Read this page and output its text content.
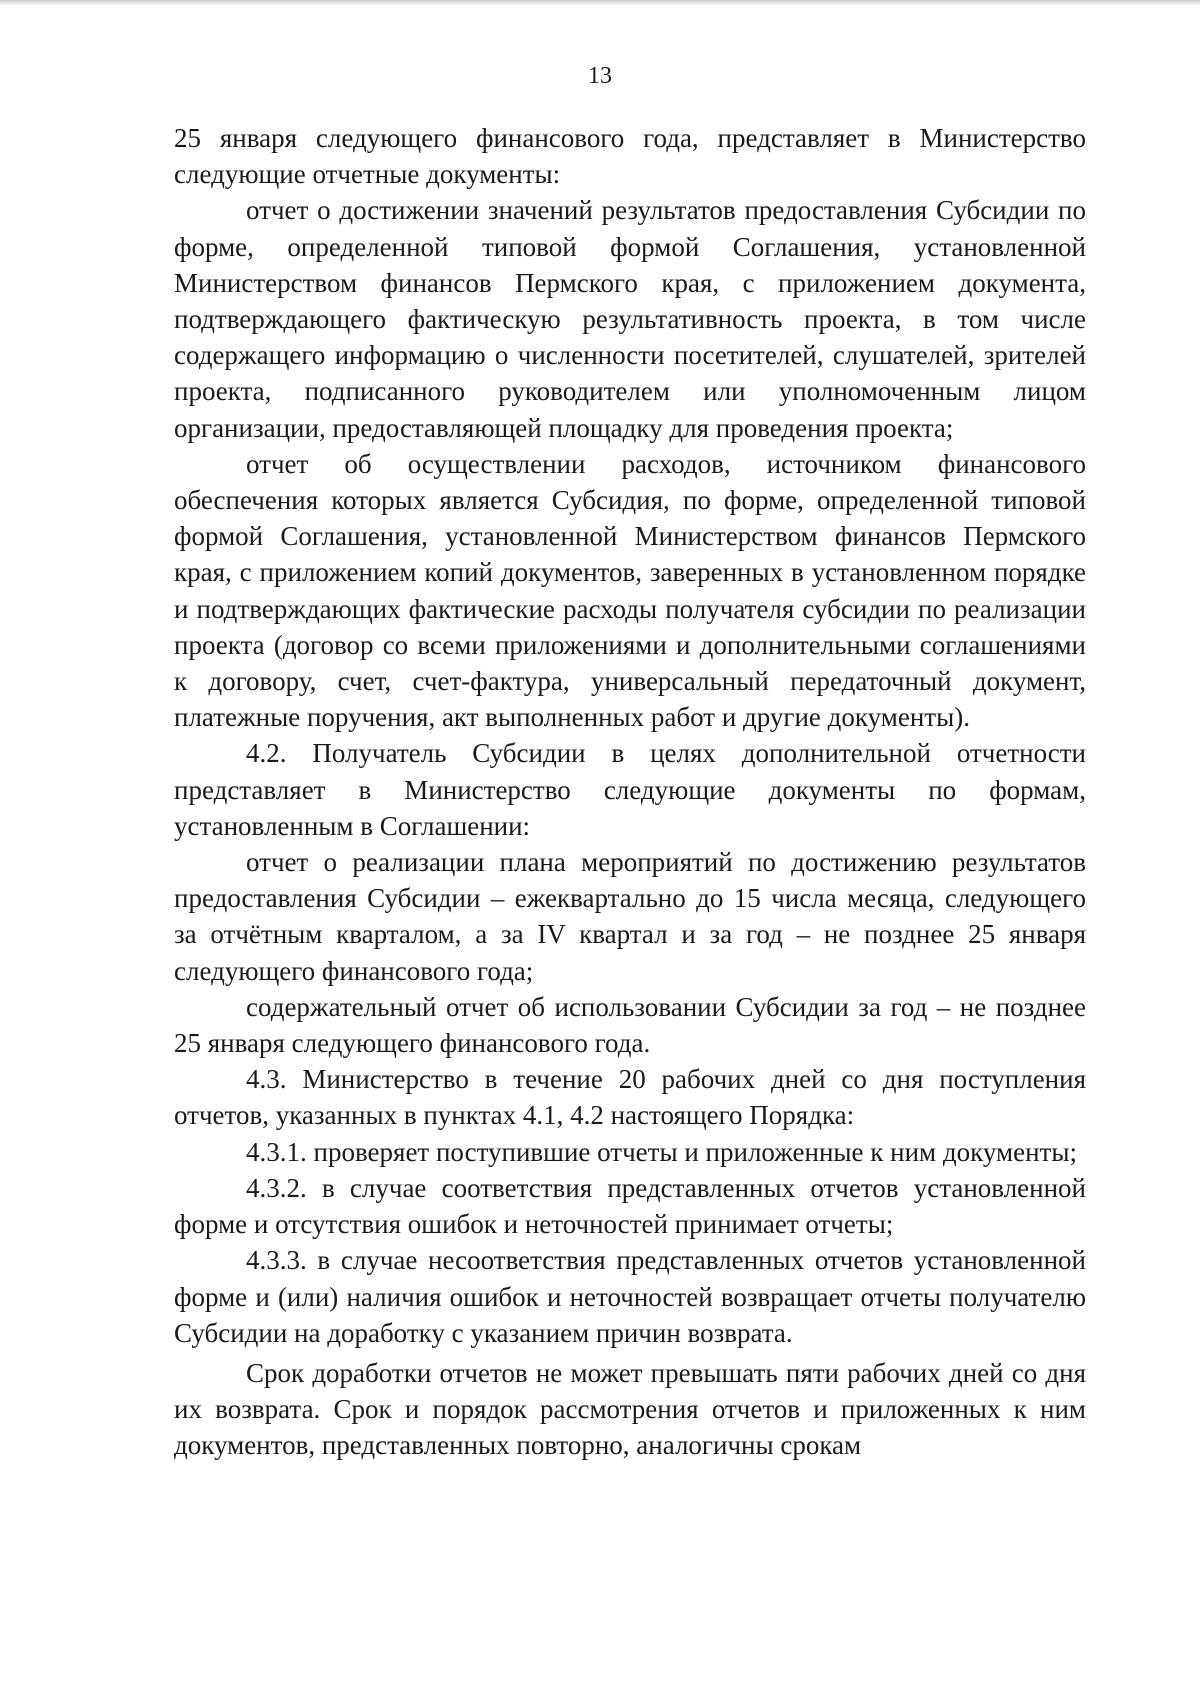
13

25 января следующего финансового года, представляет в Министерство следующие отчетные документы:

отчет о достижении значений результатов предоставления Субсидии по форме, определенной типовой формой Соглашения, установленной Министерством финансов Пермского края, с приложением документа, подтверждающего фактическую результативность проекта, в том числе содержащего информацию о численности посетителей, слушателей, зрителей проекта, подписанного руководителем или уполномоченным лицом организации, предоставляющей площадку для проведения проекта;

отчет об осуществлении расходов, источником финансового обеспечения которых является Субсидия, по форме, определенной типовой формой Соглашения, установленной Министерством финансов Пермского края, с приложением копий документов, заверенных в установленном порядке и подтверждающих фактические расходы получателя субсидии по реализации проекта (договор со всеми приложениями и дополнительными соглашениями к договору, счет, счет-фактура, универсальный передаточный документ, платежные поручения, акт выполненных работ и другие документы).

4.2. Получатель Субсидии в целях дополнительной отчетности представляет в Министерство следующие документы по формам, установленным в Соглашении:

отчет о реализации плана мероприятий по достижению результатов предоставления Субсидии – ежеквартально до 15 числа месяца, следующего за отчётным кварталом, а за IV квартал и за год – не позднее 25 января следующего финансового года;

содержательный отчет об использовании Субсидии за год – не позднее 25 января следующего финансового года.

4.3. Министерство в течение 20 рабочих дней со дня поступления отчетов, указанных в пунктах 4.1, 4.2 настоящего Порядка:

4.3.1. проверяет поступившие отчеты и приложенные к ним документы;

4.3.2. в случае соответствия представленных отчетов установленной форме и отсутствия ошибок и неточностей принимает отчеты;

4.3.3. в случае несоответствия представленных отчетов установленной форме и (или) наличия ошибок и неточностей возвращает отчеты получателю Субсидии на доработку с указанием причин возврата.

Срок доработки отчетов не может превышать пяти рабочих дней со дня их возврата. Срок и порядок рассмотрения отчетов и приложенных к ним документов, представленных повторно, аналогичны срокам
